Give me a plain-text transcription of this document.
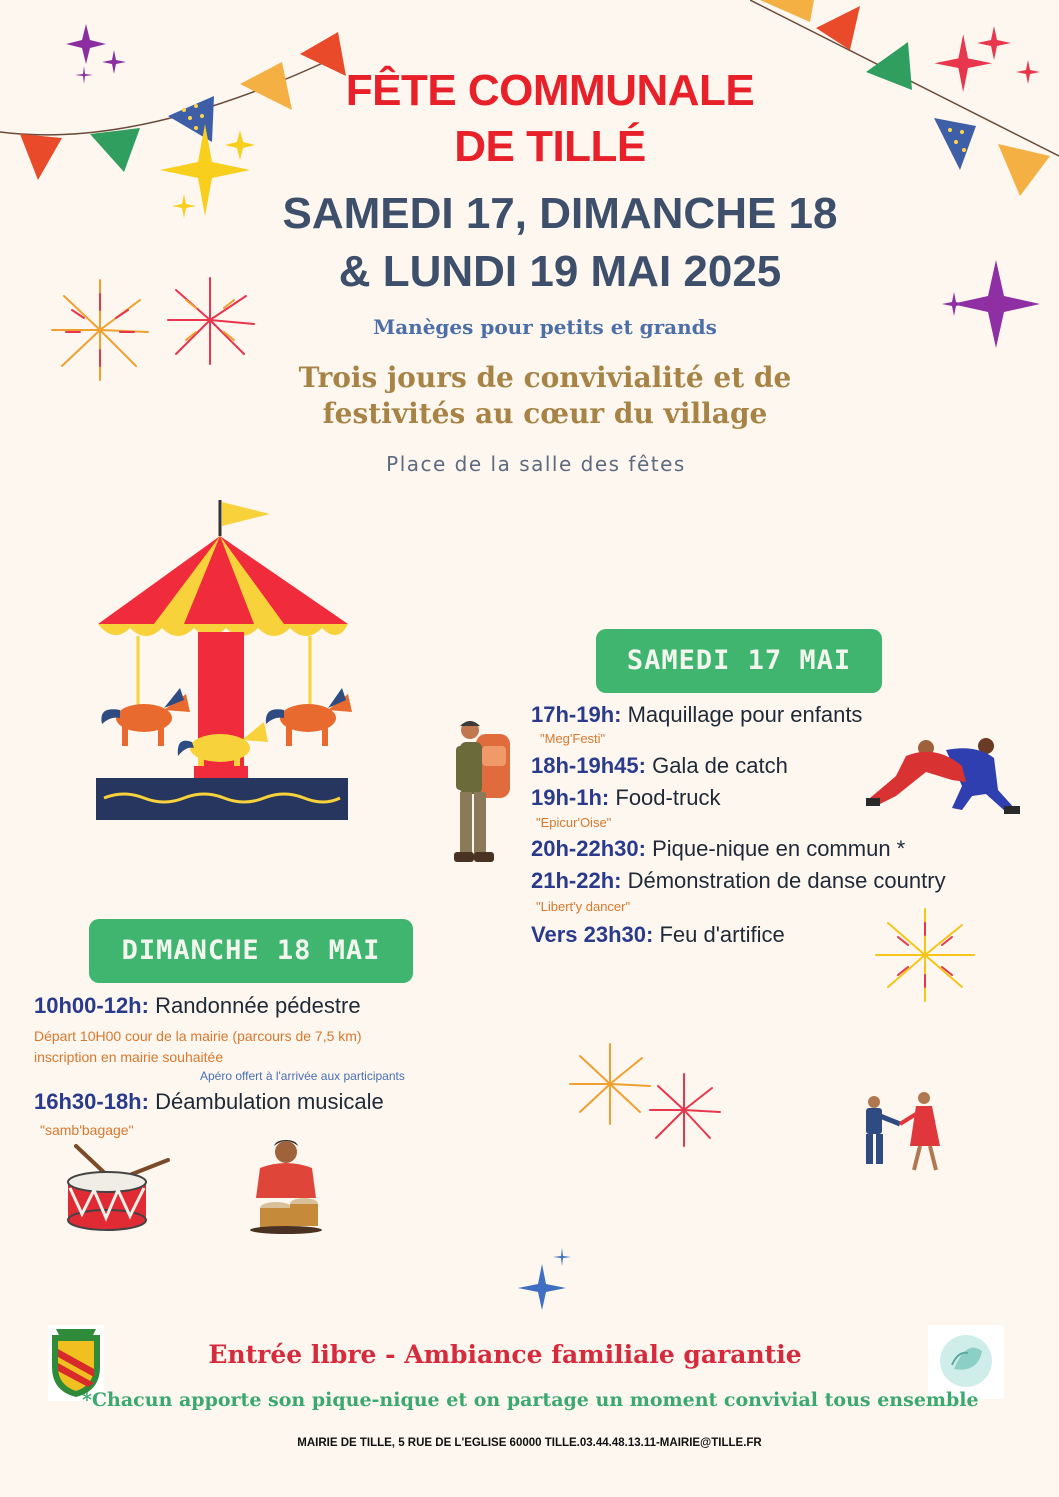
FÊTE COMMUNALE
DE TILLÉ
SAMEDI 17, DIMANCHE 18
& LUNDI 19 MAI 2025
Manèges pour petits et grands
Trois jours de convivialité et de
festivités au cœur du village
Place de la salle des fêtes
SAMEDI 17 MAI
17h-19h: Maquillage pour enfants
"Meg'Festi"
18h-19h45: Gala de catch
19h-1h: Food-truck
"Epicur'Oise"
20h-22h30: Pique-nique en commun *
21h-22h: Démonstration de danse country
"Libert'y dancer"
Vers 23h30: Feu d'artifice
DIMANCHE 18 MAI
10h00-12h: Randonnée pédestre
Départ 10H00 cour de la mairie (parcours de 7,5 km)
inscription en mairie souhaitée
Apéro offert à l'arrivée aux participants
16h30-18h: Déambulation musicale
"samb'bagage"
Entrée libre - Ambiance familiale garantie
*Chacun apporte son pique-nique et on partage un moment convivial tous ensemble
MAIRIE DE TILLE, 5 RUE DE L'EGLISE 60000 TILLE.03.44.48.13.11-MAIRIE@TILLE.FR
